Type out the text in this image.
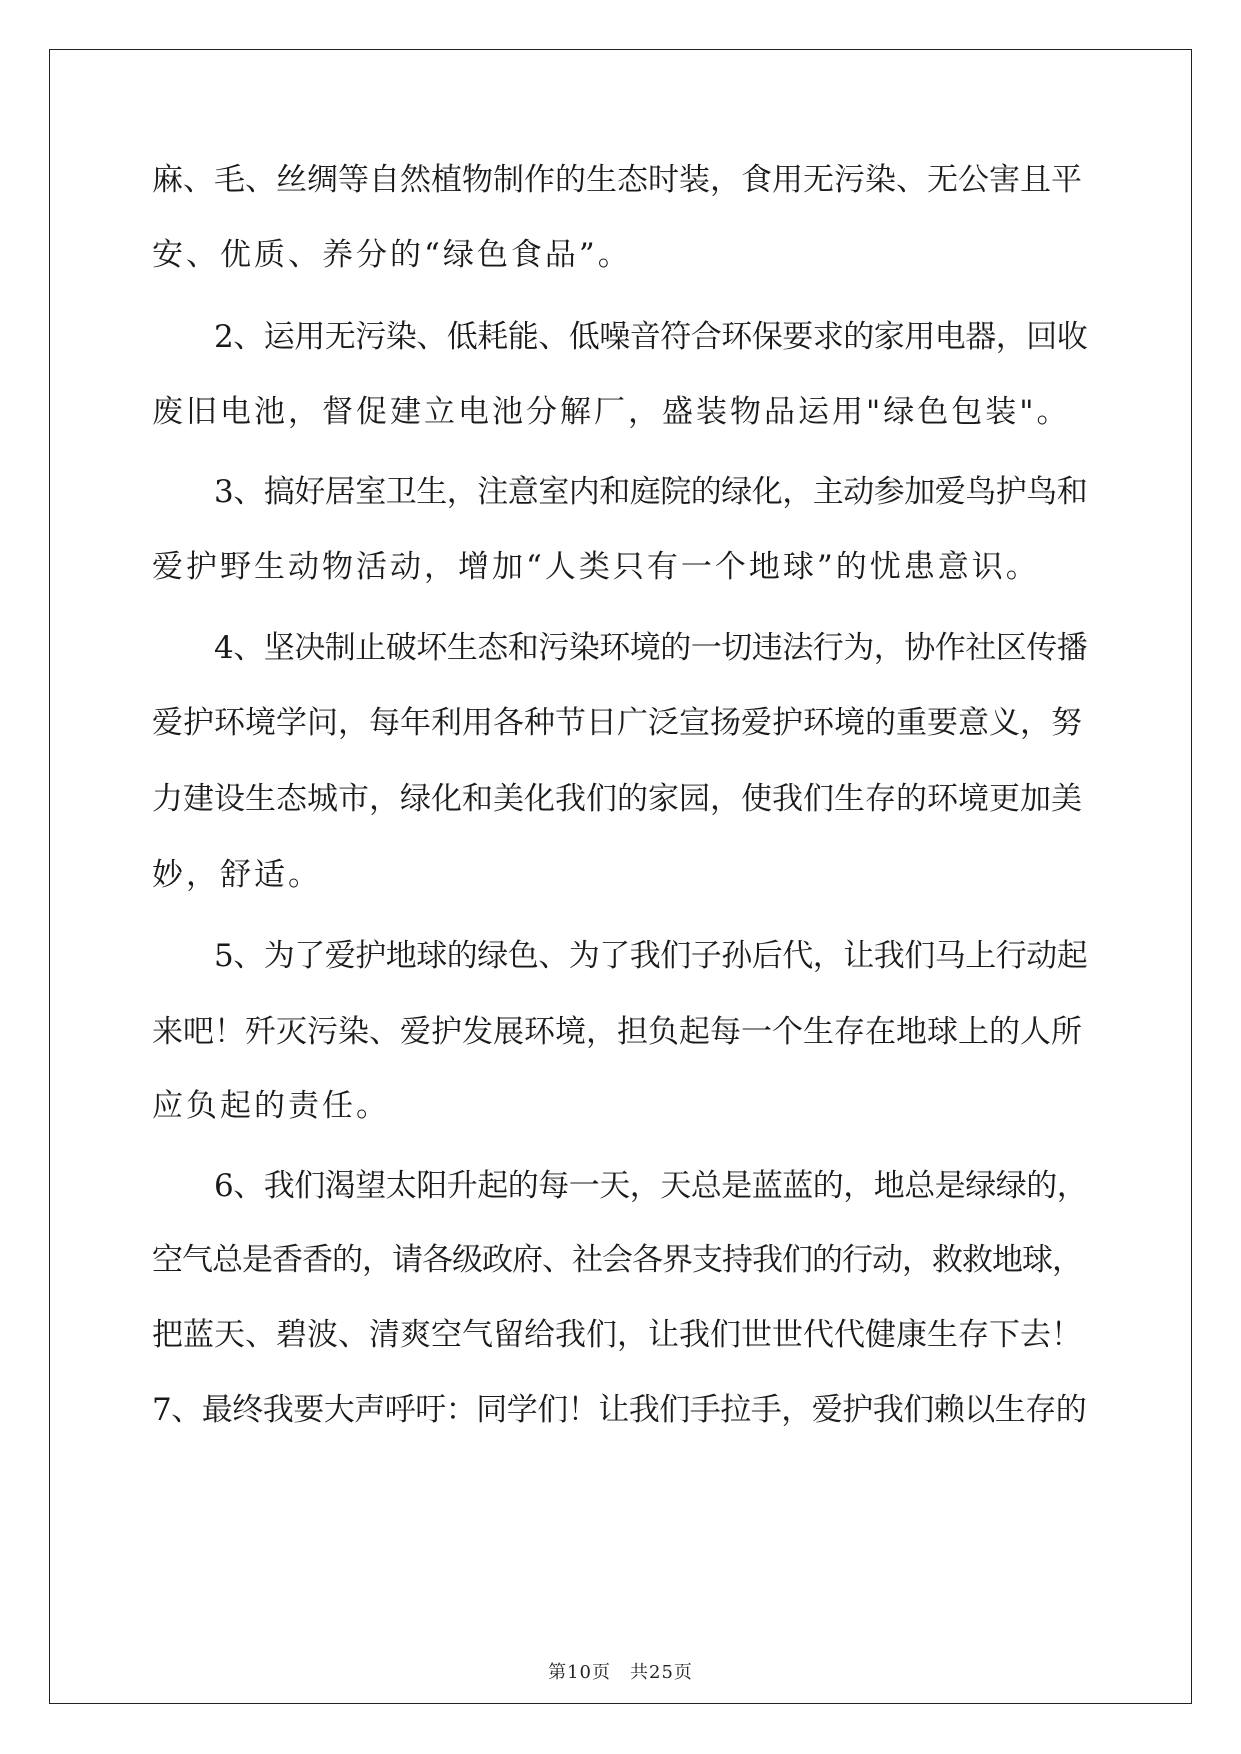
麻、毛、丝绸等自然植物制作的生态时装，食用无污染、无公害且平
安、优质、养分的“绿色食品”。
2、运用无污染、低耗能、低噪音符合环保要求的家用电器，回收
废旧电池，督促建立电池分解厂，盛装物品运用"绿色包装"。
3、搞好居室卫生，注意室内和庭院的绿化，主动参加爱鸟护鸟和
爱护野生动物活动，增加“人类只有一个地球”的忧患意识。
4、坚决制止破坏生态和污染环境的一切违法行为，协作社区传播
爱护环境学问，每年利用各种节日广泛宣扬爱护环境的重要意义，努
力建设生态城市，绿化和美化我们的家园，使我们生存的环境更加美
妙，舒适。
5、为了爱护地球的绿色、为了我们子孙后代，让我们马上行动起
来吧！歼灭污染、爱护发展环境，担负起每一个生存在地球上的人所
应负起的责任。
6、我们渴望太阳升起的每一天，天总是蓝蓝的，地总是绿绿的，
空气总是香香的，请各级政府、社会各界支持我们的行动，救救地球，
把蓝天、碧波、清爽空气留给我们，让我们世世代代健康生存下去！
7、最终我要大声呼吁：同学们！让我们手拉手，爱护我们赖以生存的
第10页　共25页
